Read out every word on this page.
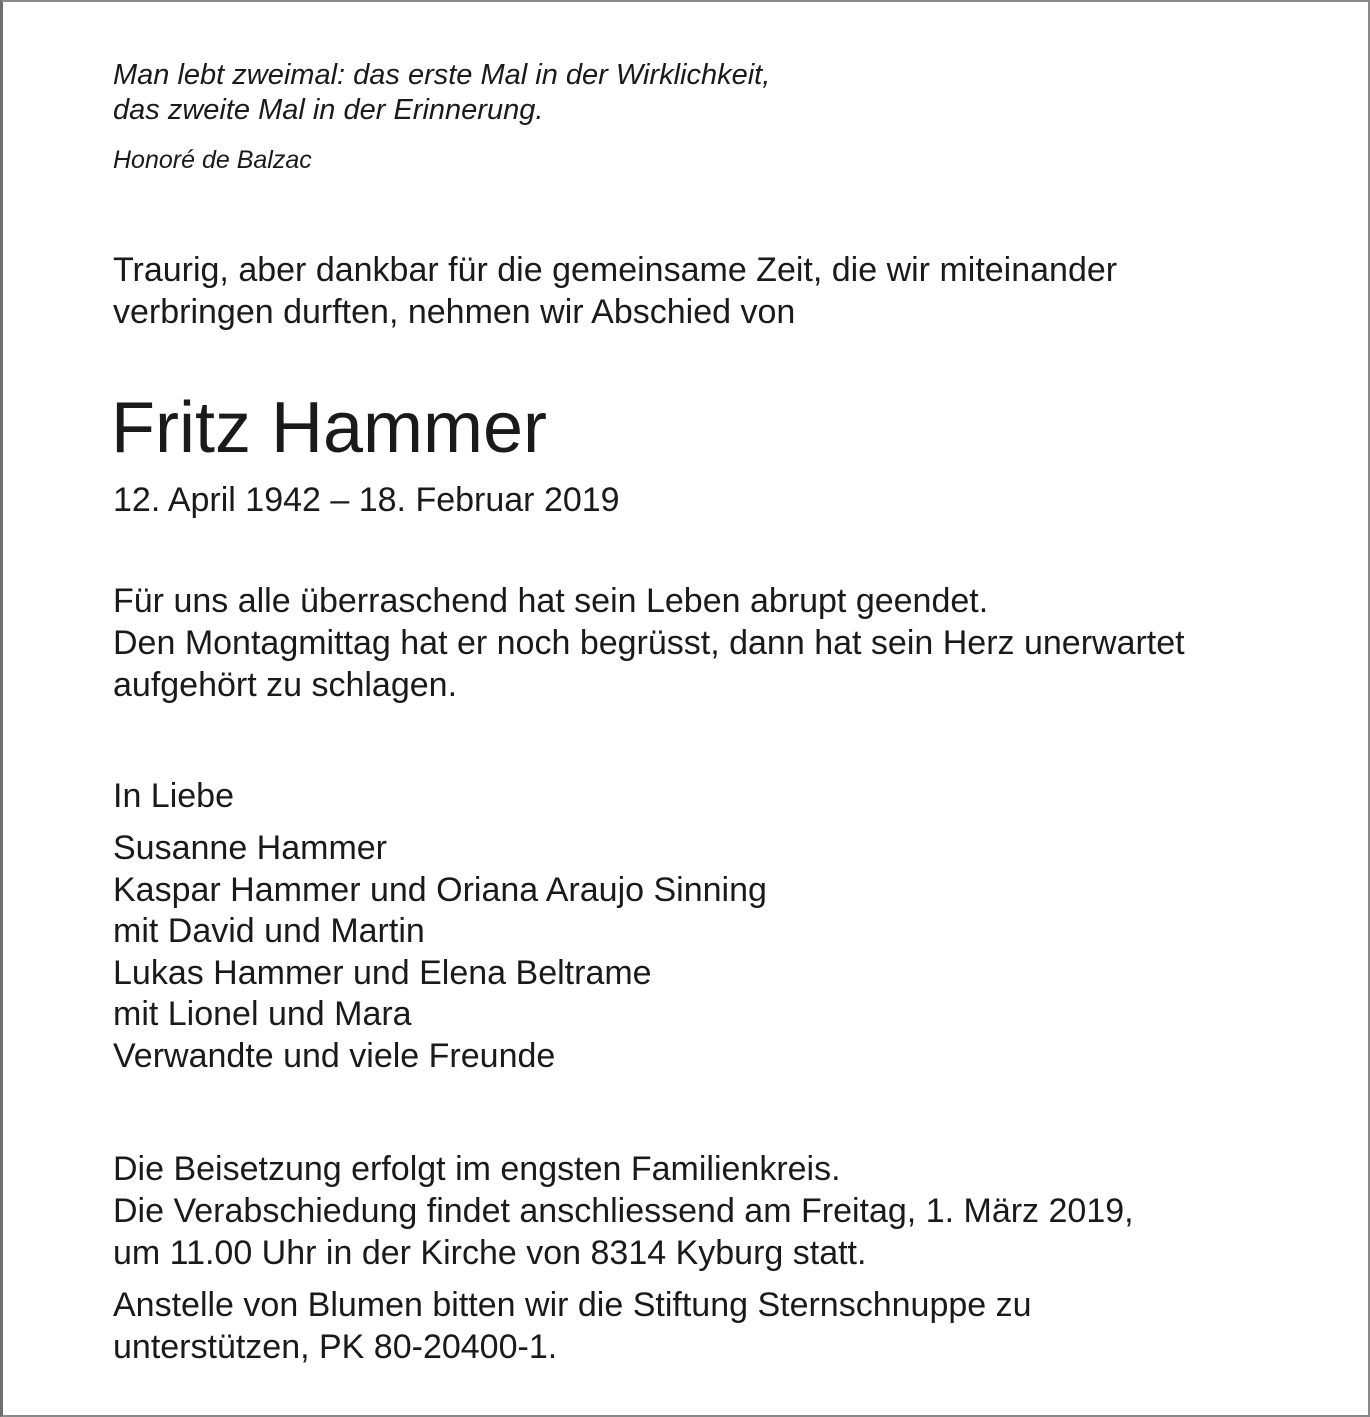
Man lebt zweimal: das erste Mal in der Wirklichkeit,
das zweite Mal in der Erinnerung.
Honoré de Balzac
Traurig, aber dankbar für die gemeinsame Zeit, die wir miteinander
verbringen durften, nehmen wir Abschied von
Fritz Hammer
12. April 1942 – 18. Februar 2019
Für uns alle überraschend hat sein Leben abrupt geendet.
Den Montagmittag hat er noch begrüsst, dann hat sein Herz unerwartet
aufgehört zu schlagen.
In Liebe
Susanne Hammer
Kaspar Hammer und Oriana Araujo Sinning
mit David und Martin
Lukas Hammer und Elena Beltrame
mit Lionel und Mara
Verwandte und viele Freunde
Die Beisetzung erfolgt im engsten Familienkreis.
Die Verabschiedung findet anschliessend am Freitag, 1. März 2019,
um 11.00 Uhr in der Kirche von 8314 Kyburg statt.
Anstelle von Blumen bitten wir die Stiftung Sternschnuppe zu
unterstützen, PK 80-20400-1.
